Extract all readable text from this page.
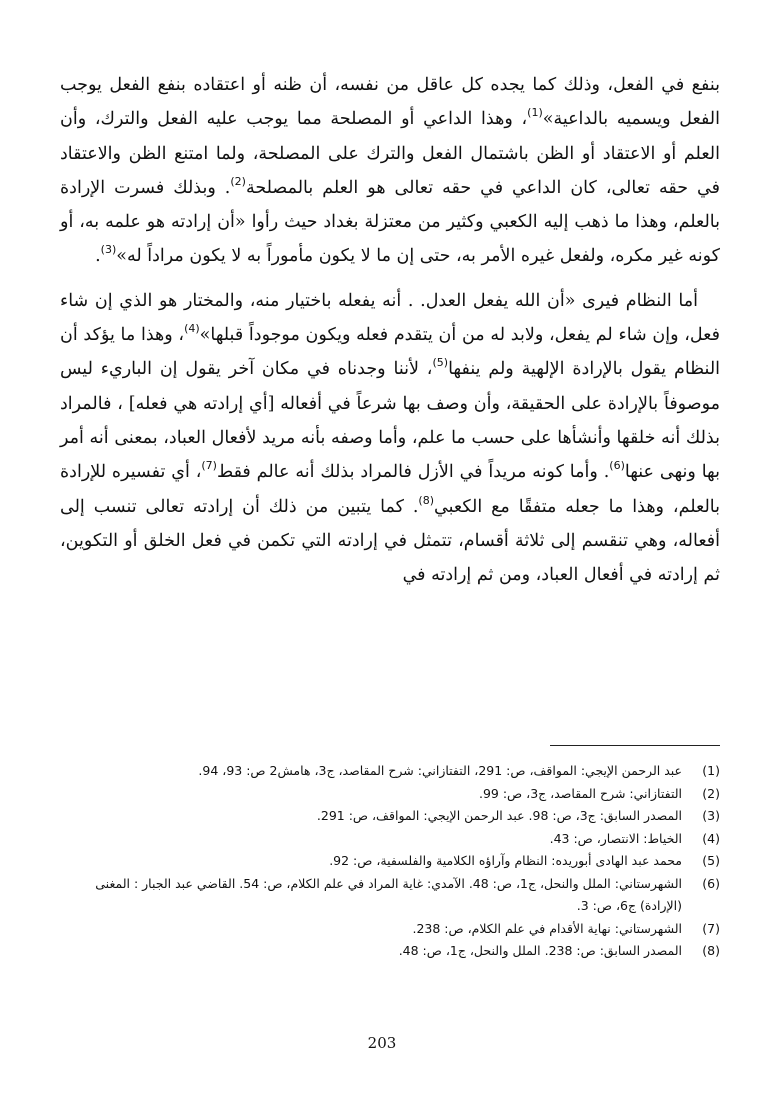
بنفع في الفعل، وذلك كما يجده كل عاقل من نفسه، أن ظنه أو اعتقاده بنفع الفعل يوجب الفعل ويسميه بالداعية»$^{(1)}$، وهذا الداعي أو المصلحة مما يوجب عليه الفعل والترك، وأن العلم أو الاعتقاد أو الظن باشتمال الفعل والترك على المصلحة، ولما امتنع الظن والاعتقاد في حقه تعالى، كان الداعي في حقه تعالى هو العلم بالمصلحة$^{(2)}$. وبذلك فسرت الإرادة بالعلم، وهذا ما ذهب إليه الكعبي وكثير من معتزلة بغداد حيث رأوا «أن إرادته هو علمه به، أو كونه غير مكره، ولفعل غيره الأمر به، حتى إن ما لا يكون مأموراً به لا يكون مراداً له»$^{(3)}$.

أما النظام فيرى «أن الله يفعل العدل. . أنه يفعله باختيار منه، والمختار هو الذي إن شاء فعل، وإن شاء لم يفعل، ولابد له من أن يتقدم فعله ويكون موجوداً قبلها»$^{(4)}$، وهذا ما يؤكد أن النظام يقول بالإرادة الإلهية ولم ينفها$^{(5)}$، لأننا وجدناه في مكان آخر يقول إن الباريء ليس موصوفاً بالإرادة على الحقيقة، وأن وصف بها شرعاً في أفعاله [أي إرادته هي فعله] ، فالمراد بذلك أنه خلقها وأنشأها على حسب ما علم، وأما وصفه بأنه مريد لأفعال العباد، بمعنى أنه أمر بها ونهى عنها$^{(6)}$. وأما كونه مريداً في الأزل فالمراد بذلك أنه عالم فقط$^{(7)}$، أي تفسيره للإرادة بالعلم، وهذا ما جعله متفقًا مع الكعبي$^{(8)}$. كما يتبين من ذلك أن إرادته تعالى تنسب إلى أفعاله، وهي تنقسم إلى ثلاثة أقسام، تتمثل في إرادته التي تكمن في فعل الخلق أو التكوين، ثم إرادته في أفعال العباد، ومن ثم إرادته في

(1)
عبد الرحمن الإيجي: المواقف، ص: 291، التفتازاني: شرح المقاصد، ج3، هامش2 ص: 93، 94.
(2)
التفتازاني: شرح المقاصد، ج3، ص: 99.
(3)
المصدر السابق: ج3، ص: 98. عبد الرحمن الإيجي: المواقف، ص: 291.
(4)
الخياط: الانتصار، ص: 43.
(5)
محمد عبد الهادى أبوريده: النظام وآراؤه الكلامية والفلسفية، ص: 92.
(6)
الشهرستاني: الملل والنحل، ج1، ص: 48. الآمدي: غاية المراد في علم الكلام، ص: 54. القاضي عبد الجبار : المغنى (الإرادة) ج6، ص: 3.
(7)
الشهرستاني: نهاية الأقدام في علم الكلام، ص: 238.
(8)
المصدر السابق: ص: 238. الملل والنحل، ج1، ص: 48.
203
